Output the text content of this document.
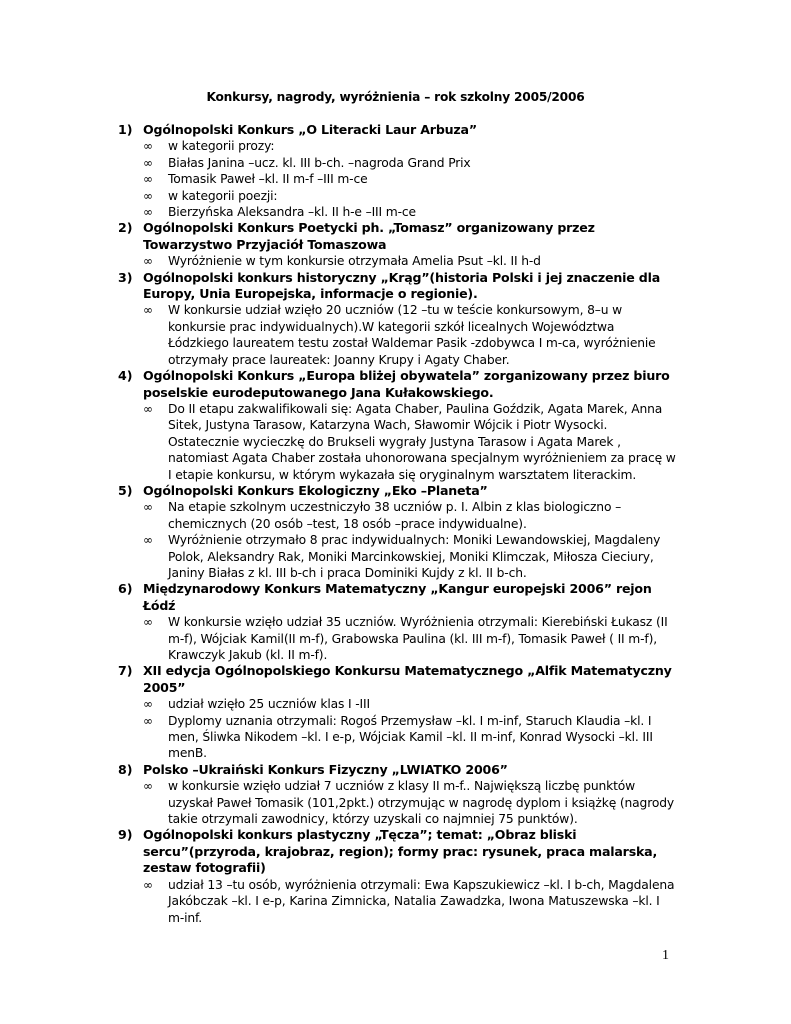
Konkursy, nagrody, wyróżnienia – rok szkolny 2005/2006
1) Ogólnopolski Konkurs „O Literacki Laur Arbuza”
∞ w kategorii prozy:
∞ Białas Janina –ucz. kl. III b-ch. –nagroda Grand Prix
∞ Tomasik Paweł –kl. II m-f –III m-ce
∞ w kategorii poezji:
∞ Bierzyńska Aleksandra –kl. II h-e –III m-ce
2) Ogólnopolski Konkurs Poetycki ph. „Tomasz” organizowany przez Towarzystwo Przyjaciół Tomaszowa
∞ Wyróżnienie w tym konkursie otrzymała Amelia Psut –kl. II h-d
3) Ogólnopolski konkurs historyczny „Krąg”(historia Polski i jej znaczenie dla Europy, Unia Europejska, informacje o regionie).
∞ W konkursie udział wzięło 20 uczniów (12 –tu w teście konkursowym, 8–u w konkursie prac indywidualnych).W kategorii szkół licealnych Województwa Łódzkiego laureatem testu został Waldemar Pasik -zdobywca I m-ca, wyróżnienie otrzymały prace laureatek: Joanny Krupy i Agaty Chaber.
4) Ogólnopolski Konkurs „Europa bliżej obywatela” zorganizowany przez biuro poselskie eurodeputowanego Jana Kułakowskiego.
∞ Do II etapu zakwalifikowali się: Agata Chaber, Paulina Goździk, Agata Marek, Anna Sitek, Justyna Tarasow, Katarzyna Wach, Sławomir Wójcik i Piotr Wysocki. Ostatecznie wycieczkę do Brukseli wygrały Justyna Tarasow i Agata Marek , natomiast Agata Chaber została uhonorowana specjalnym wyróżnieniem za pracę w I etapie konkursu, w którym wykazała się oryginalnym warsztatem literackim.
5) Ogólnopolski Konkurs Ekologiczny „Eko –Planeta”
∞ Na etapie szkolnym uczestniczyło 38 uczniów p. I. Albin z klas biologiczno –chemicznych (20 osób –test, 18 osób –prace indywidualne).
∞ Wyróżnienie otrzymało 8 prac indywidualnych: Moniki Lewandowskiej, Magdaleny Polok, Aleksandry Rak, Moniki Marcinkowskiej, Moniki Klimczak, Miłosza Cieciury, Janiny Białas z kl. III b-ch i praca Dominiki Kujdy z kl. II b-ch.
6) Międzynarodowy Konkurs Matematyczny „Kangur europejski 2006” rejon Łódź
∞ W konkursie wzięło udział 35 uczniów. Wyróżnienia otrzymali: Kierebiński Łukasz (II m-f), Wójciak Kamil(II m-f), Grabowska Paulina (kl. III m-f), Tomasik Paweł ( II m-f), Krawczyk Jakub (kl. II m-f).
7) XII edycja Ogólnopolskiego Konkursu Matematycznego „Alfik Matematyczny 2005”
∞ udział wzięło 25 uczniów klas I -III
∞ Dyplomy uznania otrzymali: Rogoś Przemysław –kl. I m-inf, Staruch Klaudia –kl. I men, Śliwka Nikodem –kl. I e-p, Wójciak Kamil –kl. II m-inf, Konrad Wysocki –kl. III menB.
8) Polsko –Ukraiński Konkurs Fizyczny „LWIATKO 2006”
∞ w konkursie wzięło udział 7 uczniów z klasy II m-f.. Największą liczbę punktów uzyskał Paweł Tomasik (101,2pkt.) otrzymując w nagrodę dyplom i książkę (nagrody takie otrzymali zawodnicy, którzy uzyskali co najmniej 75 punktów).
9) Ogólnopolski konkurs plastyczny „Tęcza”; temat: „Obraz bliski sercu”(przyroda, krajobraz, region); formy prac: rysunek, praca malarska, zestaw fotografii)
∞ udział 13 –tu osób, wyróżnienia otrzymali: Ewa Kapszukiewicz –kl. I b-ch, Magdalena Jakóbczak –kl. I e-p, Karina Zimnicka, Natalia Zawadzka, Iwona Matuszewska –kl. I m-inf.
1
